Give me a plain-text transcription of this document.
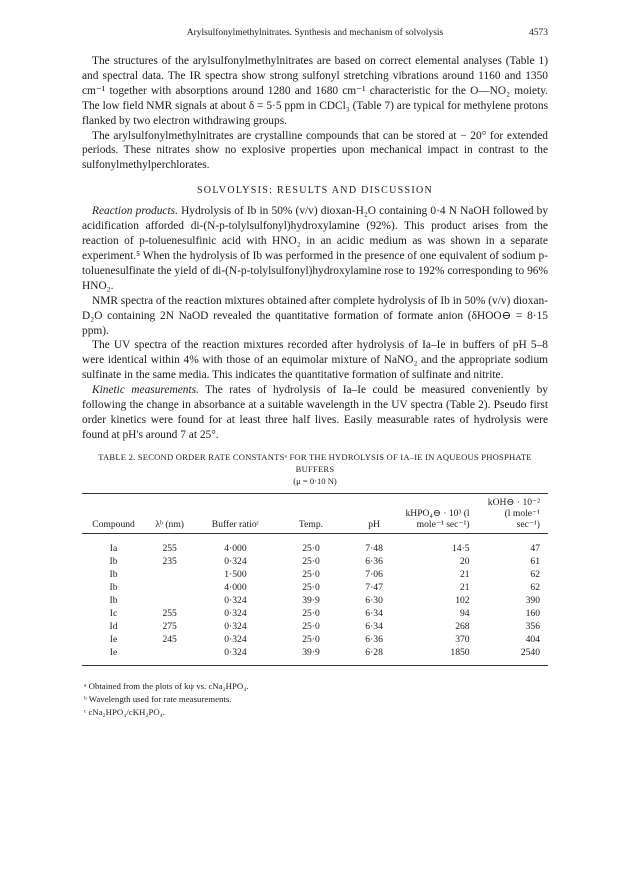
Arylsulfonylmethylnitrates. Synthesis and mechanism of solvolysis	4573

The structures of the arylsulfonylmethylnitrates are based on correct elemental analyses (Table 1) and spectral data. The IR spectra show strong sulfonyl stretching vibrations around 1160 and 1350 cm⁻¹ together with absorptions around 1280 and 1680 cm⁻¹ characteristic for the O—NO₂ moiety. The low field NMR signals at about δ = 5·5 ppm in CDCl₃ (Table 7) are typical for methylene protons flanked by two electron withdrawing groups.

The arylsulfonylmethylnitrates are crystalline compounds that can be stored at − 20° for extended periods. These nitrates show no explosive properties upon mechanical impact in contrast to the sulfonylmethylperchlorates.

SOLVOLYSIS: RESULTS AND DISCUSSION

Reaction products. Hydrolysis of Ib in 50% (v/v) dioxan-H₂O containing 0·4 N NaOH followed by acidification afforded di-(N-p-tolylsulfonyl)hydroxylamine (92%). This product arises from the reaction of p-toluenesulfinic acid with HNO₂ in an acidic medium as was shown in a separate experiment.⁵ When the hydrolysis of Ib was performed in the presence of one equivalent of sodium p-toluenesulfinate the yield of di-(N-p-tolylsulfonyl)hydroxylamine rose to 192% corresponding to 96% HNO₂.

NMR spectra of the reaction mixtures obtained after complete hydrolysis of Ib in 50% (v/v) dioxan-D₂O containing 2N NaOD revealed the quantitative formation of formate anion (δHOO⊖ = 8·15 ppm).

The UV spectra of the reaction mixtures recorded after hydrolysis of Ia–Ie in buffers of pH 5–8 were identical within 4% with those of an equimolar mixture of NaNO₂ and the appropriate sodium sulfinate in the same media. This indicates the quantitative formation of sulfinate and nitrite.

Kinetic measurements. The rates of hydrolysis of Ia–Ie could be measured conveniently by following the change in absorbance at a suitable wavelength in the UV spectra (Table 2). Pseudo first order kinetics were found for at least three half lives. Easily measurable rates of hydrolysis were found at pH's around 7 at 25°.

TABLE 2. SECOND ORDER RATE CONSTANTSᵃ FOR THE HYDROLYSIS OF IA–IE IN AQUEOUS PHOSPHATE BUFFERS
(μ = 0·10 N)
Compound	λᵇ (nm)	Buffer ratioᶜ	Temp.	pH	kHPO₄⊖ · 10³ (l mole⁻¹ sec⁻¹)	kOH⊖ · 10⁻² (l mole⁻¹ sec⁻¹)
Ia	255	4·000	25·0	7·48	14·5	47
Ib	235	0·324	25·0	6·36	20	61
Ib		1·500	25·0	7·06	21	62
Ib		4·000	25·0	7·47	21	62
Ib		0·324	39·9	6·30	102	390
Ic	255	0·324	25·0	6·34	94	160
Id	275	0·324	25·0	6·34	268	356
Ie	245	0·324	25·0	6·36	370	404
Ie		0·324	39·9	6·28	1850	2540

ᵃ Obtained from the plots of kψ vs. cNa₂HPO₄.
ᵇ Wavelength used for rate measurements.
ᶜ cNa₂HPO₄/cKH₂PO₄.
